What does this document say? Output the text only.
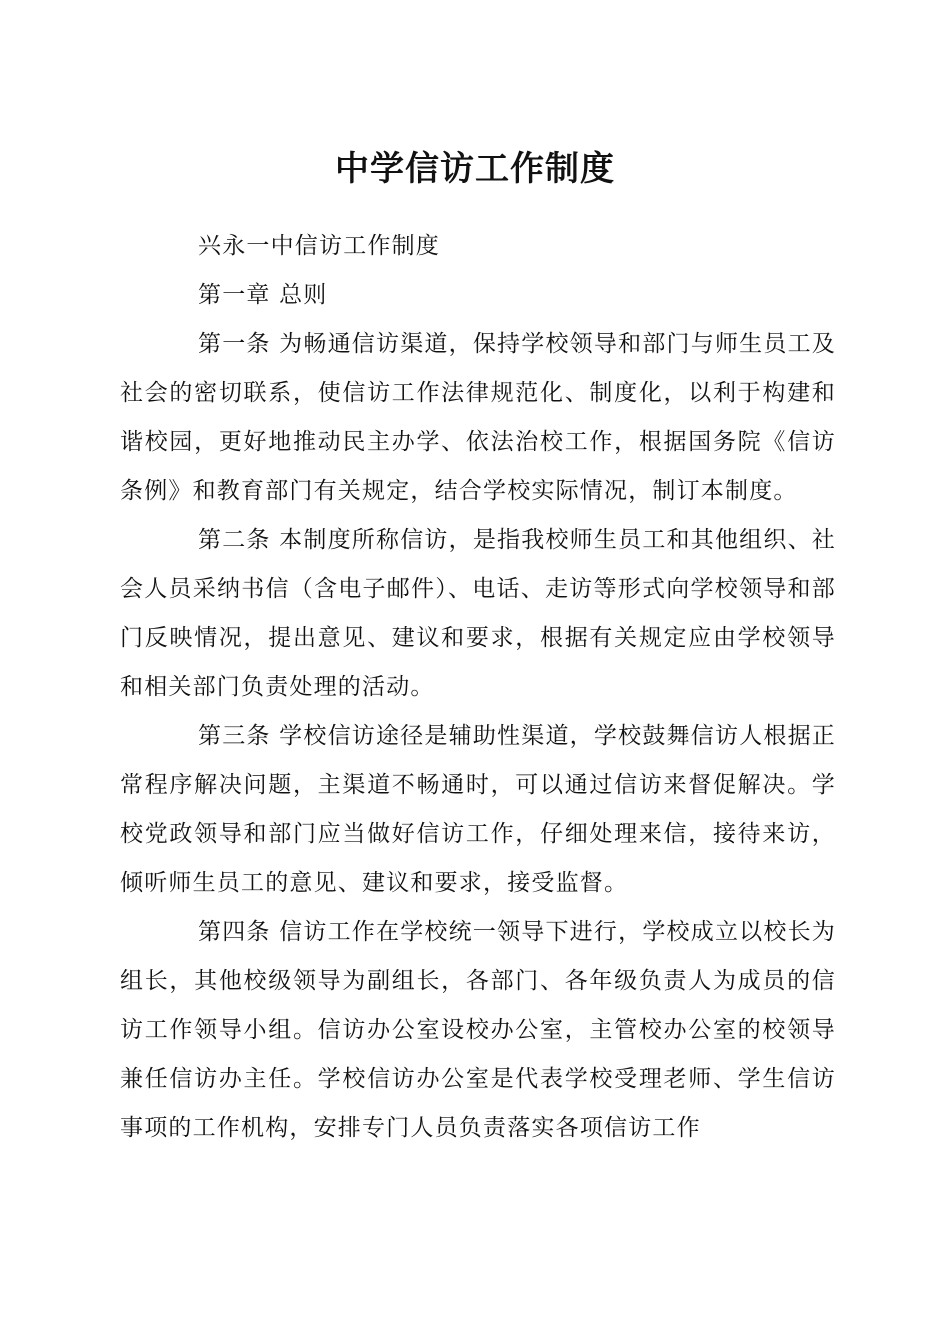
中学信访工作制度

兴永一中信访工作制度

第一章 总则

第一条 为畅通信访渠道，保持学校领导和部门与师生员工及社会的密切联系，使信访工作法律规范化、制度化，以利于构建和谐校园，更好地推动民主办学、依法治校工作，根据国务院《信访条例》和教育部门有关规定，结合学校实际情况，制订本制度。

第二条 本制度所称信访，是指我校师生员工和其他组织、社会人员采纳书信（含电子邮件）、电话、走访等形式向学校领导和部门反映情况，提出意见、建议和要求，根据有关规定应由学校领导和相关部门负责处理的活动。

第三条 学校信访途径是辅助性渠道，学校鼓舞信访人根据正常程序解决问题，主渠道不畅通时，可以通过信访来督促解决。学校党政领导和部门应当做好信访工作，仔细处理来信，接待来访，倾听师生员工的意见、建议和要求，接受监督。

第四条 信访工作在学校统一领导下进行，学校成立以校长为组长，其他校级领导为副组长，各部门、各年级负责人为成员的信访工作领导小组。信访办公室设校办公室，主管校办公室的校领导兼任信访办主任。学校信访办公室是代表学校受理老师、学生信访事项的工作机构，安排专门人员负责落实各项信访工作
